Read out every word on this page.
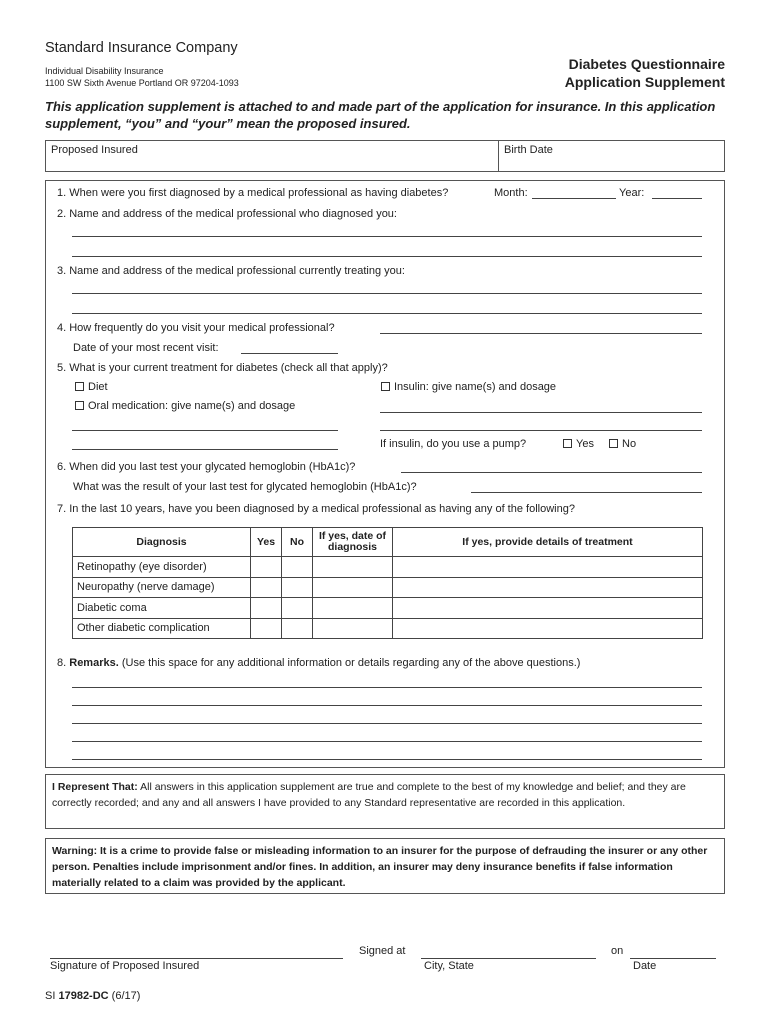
Standard Insurance Company
Individual Disability Insurance
1100 SW Sixth Avenue Portland OR 97204-1093
Diabetes Questionnaire
Application Supplement
This application supplement is attached to and made part of the application for insurance. In this application supplement, “you” and “your” mean the proposed insured.
Proposed Insured	Birth Date
1. When were you first diagnosed by a medical professional as having diabetes?	Month:	Year:
2. Name and address of the medical professional who diagnosed you:
3. Name and address of the medical professional currently treating you:
4. How frequently do you visit your medical professional?
Date of your most recent visit:
5. What is your current treatment for diabetes (check all that apply)?
Diet	Insulin: give name(s) and dosage
Oral medication: give name(s) and dosage
If insulin, do you use a pump?	Yes	No
6. When did you last test your glycated hemoglobin (HbA1c)?
What was the result of your last test for glycated hemoglobin (HbA1c)?
7. In the last 10 years, have you been diagnosed by a medical professional as having any of the following?
Diagnosis	Yes	No	If yes, date of diagnosis	If yes, provide details of treatment
Retinopathy (eye disorder)				
Neuropathy (nerve damage)				
Diabetic coma				
Other diabetic complication				
8. Remarks. (Use this space for any additional information or details regarding any of the above questions.)
I Represent That: All answers in this application supplement are true and complete to the best of my knowledge and belief; and they are correctly recorded; and any and all answers I have provided to any Standard representative are recorded in this application.
Warning: It is a crime to provide false or misleading information to an insurer for the purpose of defrauding the insurer or any other person. Penalties include imprisonment and/or fines. In addition, an insurer may deny insurance benefits if false information materially related to a claim was provided by the applicant.
Signature of Proposed Insured
Signed at
City, State
on
Date
SI 17982-DC (6/17)
